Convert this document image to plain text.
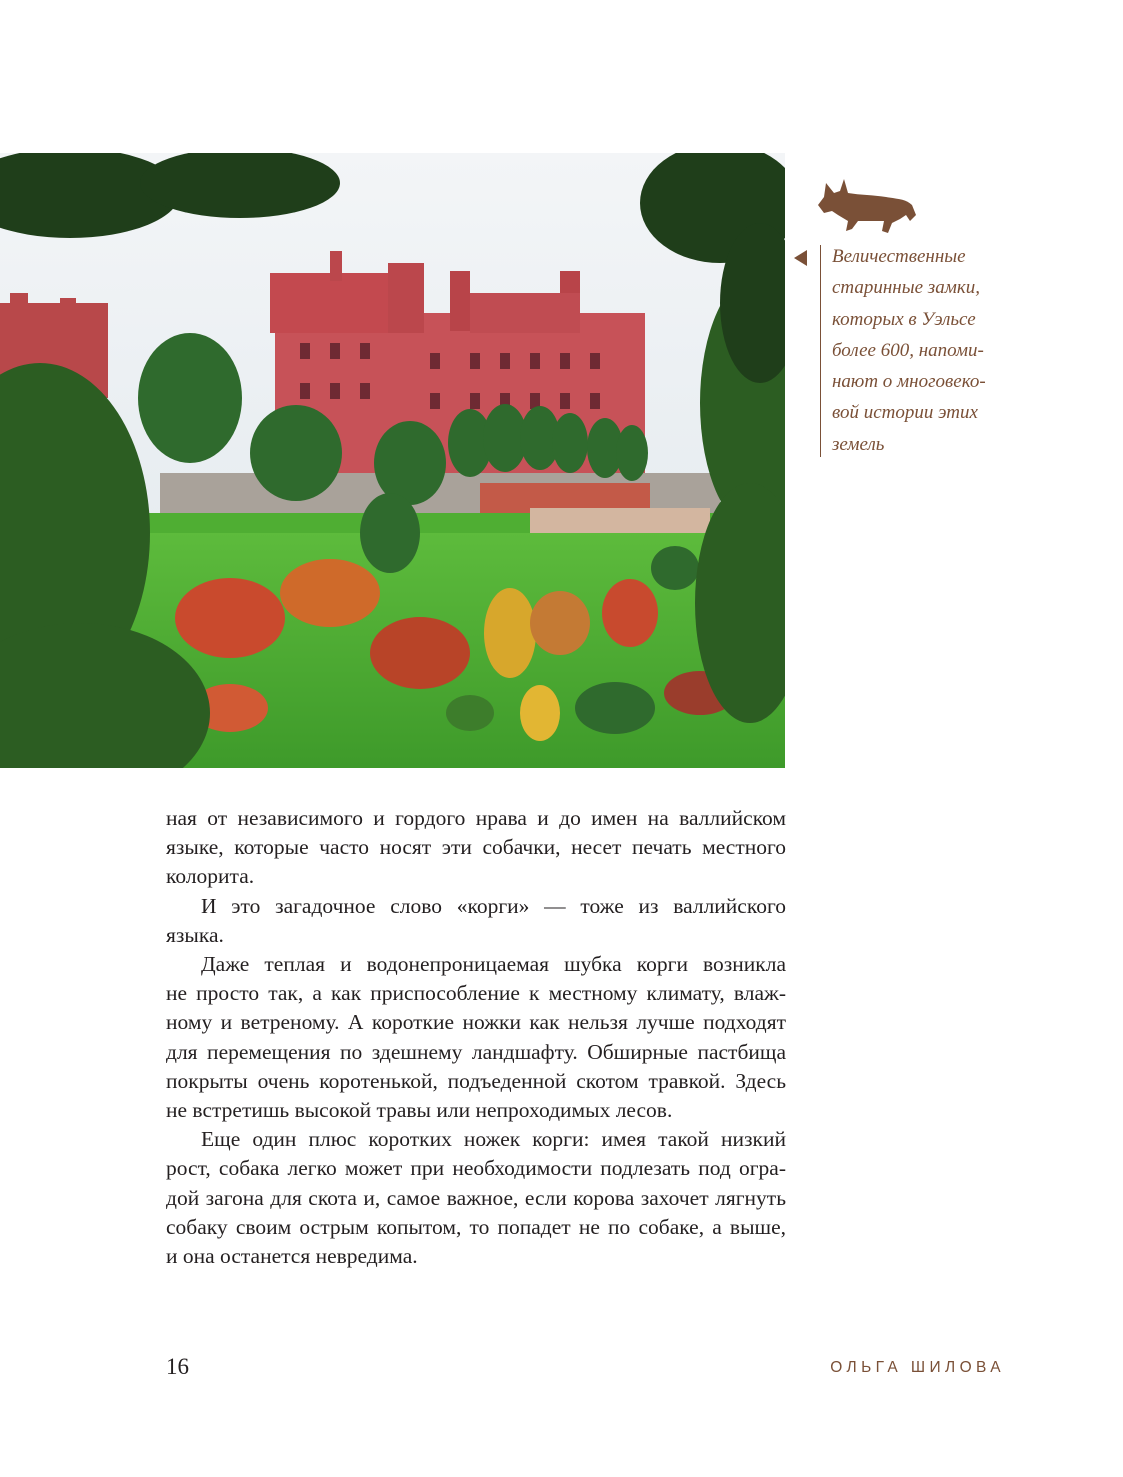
Величественные
старинные замки,
которых в Уэльсе
более 600, напоми-
нают о многовеко-
вой истории этих
земель

ная от независимого и гордого нрава и до имен на валлийском
языке, которые часто носят эти собачки, несет печать местного
колорита.

И это загадочное слово «корги» — тоже из валлийского
языка.

Даже теплая и водонепроницаемая шубка корги возникла
не просто так, а как приспособление к местному климату, влаж-
ному и ветреному. А короткие ножки как нельзя лучше подходят
для перемещения по здешнему ландшафту. Обширные пастбища
покрыты очень коротенькой, подъеденной скотом травкой. Здесь
не встретишь высокой травы или непроходимых лесов.

Еще один плюс коротких ножек корги: имея такой низкий
рост, собака легко может при необходимости подлезать под огра-
дой загона для скота и, самое важное, если корова захочет лягнуть
собаку своим острым копытом, то попадет не по собаке, а выше,
и она останется невредима.

16	ОЛЬГА ШИЛОВА
